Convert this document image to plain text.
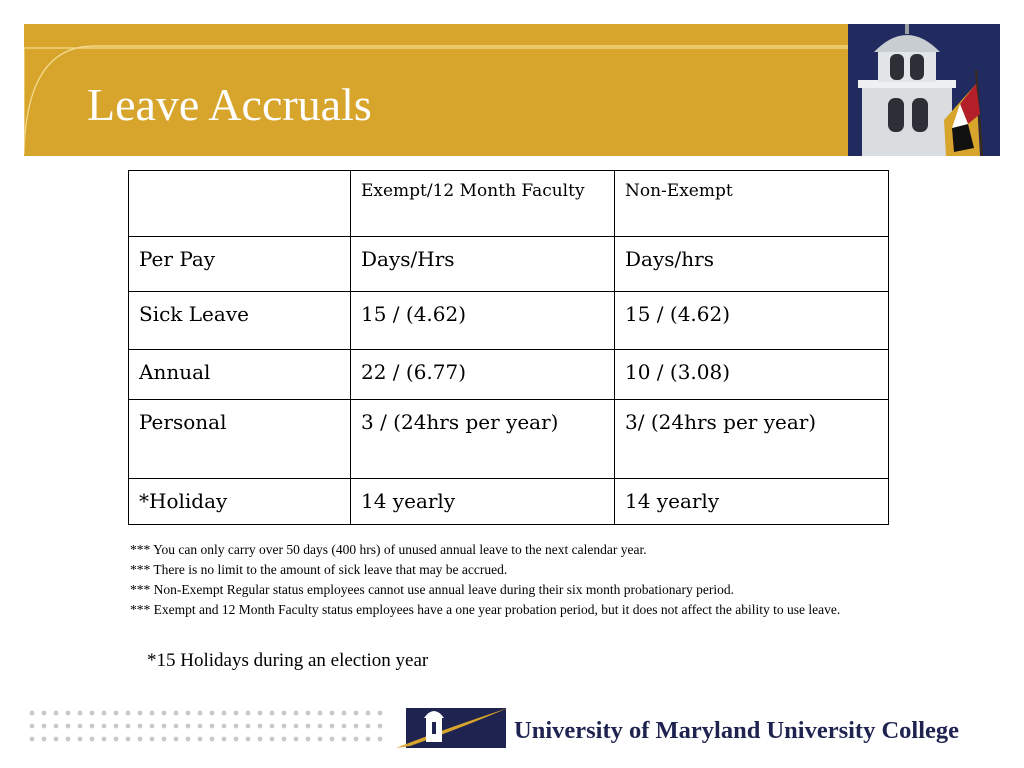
Leave Accruals
	Exempt/12 Month Faculty	Non-Exempt
Per Pay	Days/Hrs	Days/hrs
Sick Leave	15 / (4.62)	15 / (4.62)
Annual	22 / (6.77)	10 / (3.08)
Personal	3 / (24hrs per year)	3/ (24hrs per year)
*Holiday	14 yearly	14 yearly
*** You can only carry over 50 days (400 hrs) of unused annual leave to the next calendar year.
*** There is no limit to the amount of sick leave that may be accrued.
*** Non-Exempt Regular status employees cannot use annual leave during their six month probationary period.
*** Exempt and 12 Month Faculty status employees have a one year probation period, but it does not affect the ability to use leave.
*15 Holidays during an election year
University of Maryland University College
